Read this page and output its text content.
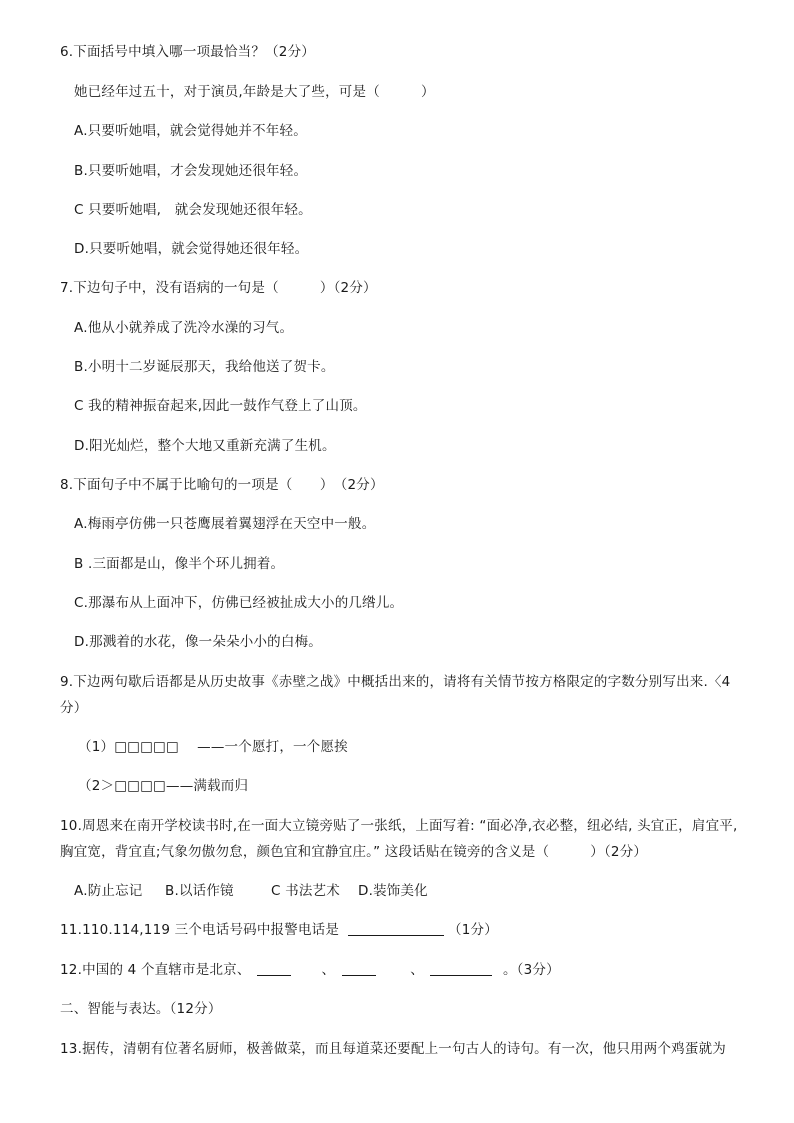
6.下面括号中填入哪一项最恰当？（2分）
她已经年过五十，对于演员,年龄是大了些，可是（　　　）
A.只要听她唱，就会觉得她并不年轻。
B.只要听她唱，才会发现她还很年轻。
C 只要听她唱,　就会发现她还很年轻。
D.只要听她唱，就会觉得她还很年轻。
7.下边句子中，没有语病的一句是（　　　）（2分）
A.他从小就养成了洗冷水澡的习气。
B.小明十二岁诞辰那天，我给他送了贺卡。
C 我的精神振奋起来,因此一鼓作气登上了山顶。
D.阳光灿烂，整个大地又重新充满了生机。
8.下面句子中不属于比喻句的一项是（　　）　（2分）
A.梅雨亭仿佛一只苍鹰展着翼翅浮在天空中一般。
B .三面都是山，像半个环儿拥着。
C.那瀑布从上面冲下，仿佛已经被扯成大小的几绺儿。
D.那溅着的水花，像一朵朵小小的白梅。
9.下边两句歇后语都是从历史故事《赤壁之战》中概括出来的，请将有关情节按方格限定的字数分别写出来.〈4分）
（1）□□□□□　 ——一个愿打，一个愿挨
（2＞□□□□——满载而归
10.周恩来在南开学校读书时,在一面大立镜旁贴了一张纸，上面写着: “面必净,衣必整，纽必结, 头宜正，肩宜平,胸宜宽，背宜直;气象勿傲勿怠，颜色宜和宜静宜庄。” 这段话贴在镜旁的含义是（　　　）（2分）
A.防止忘记 B.以话作镜	C 书法艺术 D.装饰美化
11.110.114,119 三个电话号码中报警电话是	（1分）
12.中国的 4 个直辖市是北京、	、	、	。（3分）
二、智能与表达。（12分）
13.据传，清朝有位著名厨师，极善做菜，而且每道菜还要配上一句古人的诗句。有一次，他只用两个鸡蛋就为
